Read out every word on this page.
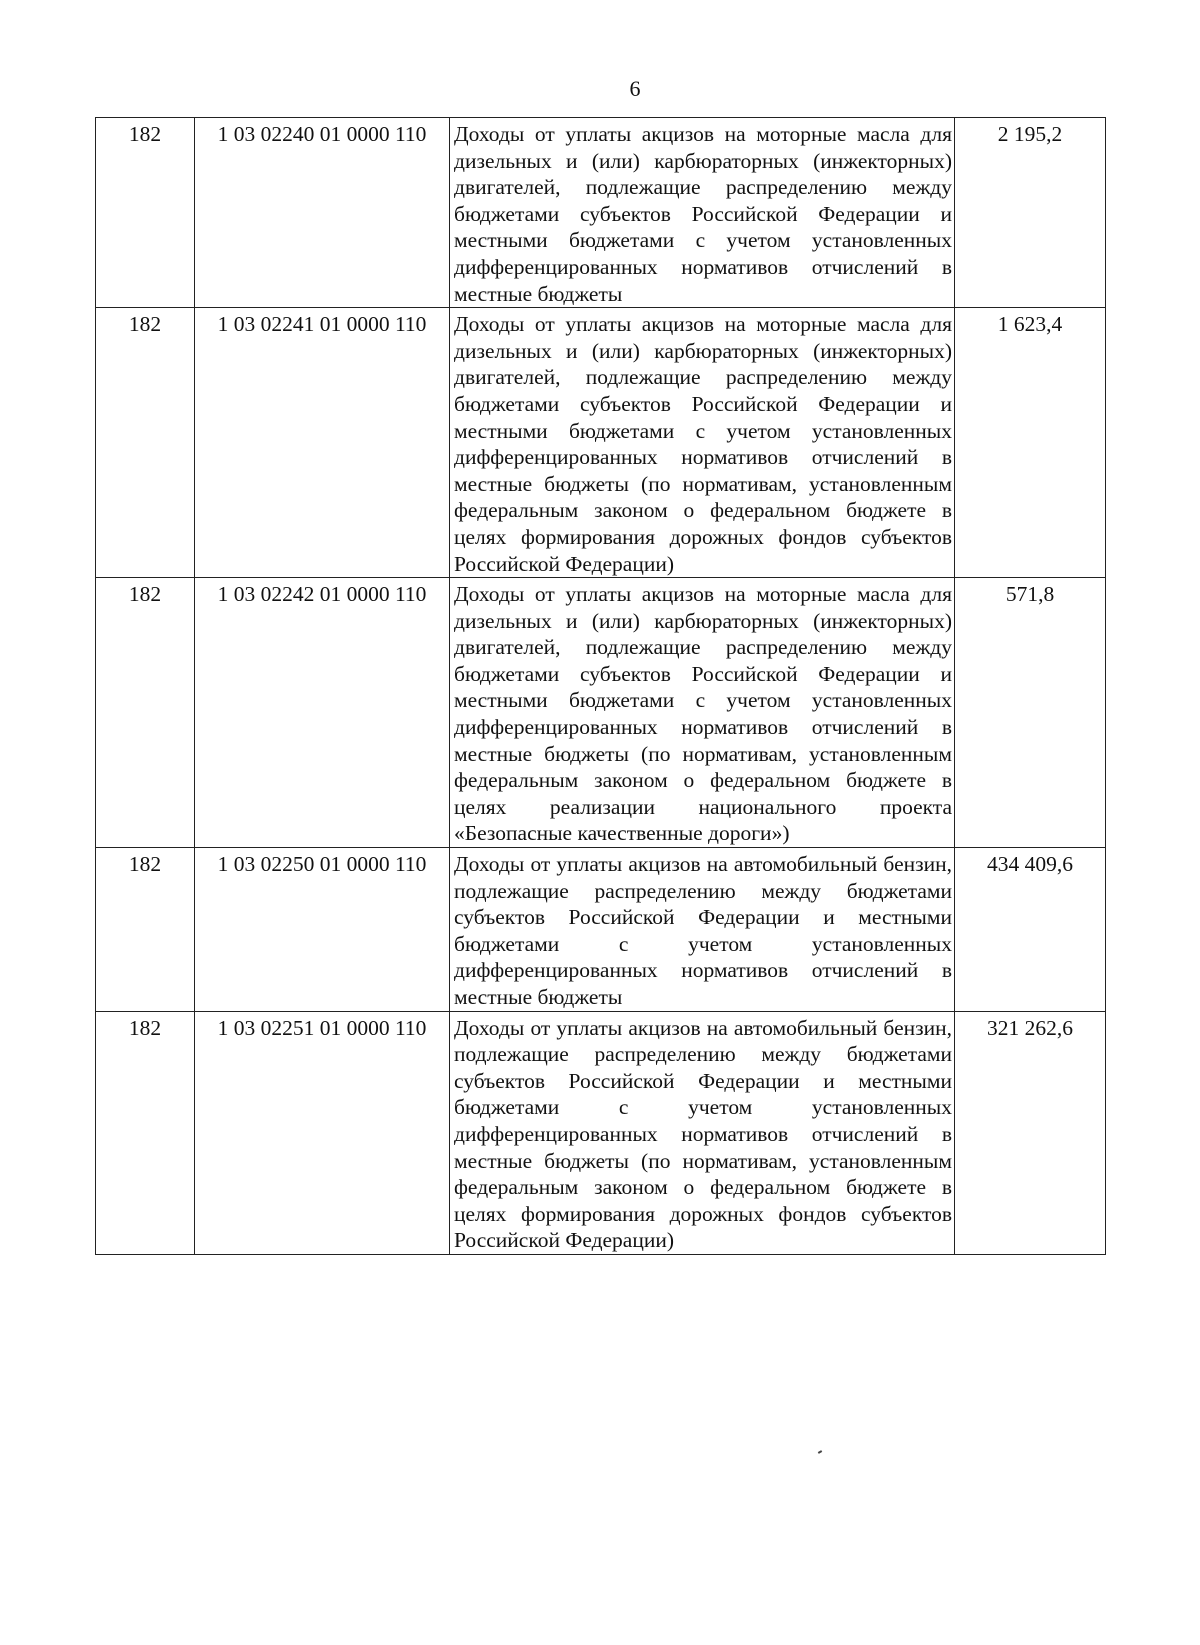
6
182	1 03 02240 01 0000 110	Доходы от уплаты акцизов на моторные масла для дизельных и (или) карбюраторных (инжекторных) двигателей, подлежащие распределению между бюджетами субъектов Российской Федерации и местными бюджетами с учетом установленных дифференцированных нормативов отчислений в местные бюджеты	2 195,2
182	1 03 02241 01 0000 110	Доходы от уплаты акцизов на моторные масла для дизельных и (или) карбюраторных (инжекторных) двигателей, подлежащие распределению между бюджетами субъектов Российской Федерации и местными бюджетами с учетом установленных дифференцированных нормативов отчислений в местные бюджеты (по нормативам, установленным федеральным законом о федеральном бюджете в целях формирования дорожных фондов субъектов Российской Федерации)	1 623,4
182	1 03 02242 01 0000 110	Доходы от уплаты акцизов на моторные масла для дизельных и (или) карбюраторных (инжекторных) двигателей, подлежащие распределению между бюджетами субъектов Российской Федерации и местными бюджетами с учетом установленных дифференцированных нормативов отчислений в местные бюджеты (по нормативам, установленным федеральным законом о федеральном бюджете в целях реализации национального проекта «Безопасные качественные дороги»)	571,8
182	1 03 02250 01 0000 110	Доходы от уплаты акцизов на автомобильный бензин, подлежащие распределению между бюджетами субъектов Российской Федерации и местными бюджетами с учетом установленных дифференцированных нормативов отчислений в местные бюджеты	434 409,6
182	1 03 02251 01 0000 110	Доходы от уплаты акцизов на автомобильный бензин, подлежащие распределению между бюджетами субъектов Российской Федерации и местными бюджетами с учетом установленных дифференцированных нормативов отчислений в местные бюджеты (по нормативам, установленным федеральным законом о федеральном бюджете в целях формирования дорожных фондов субъектов Российской Федерации)	321 262,6
